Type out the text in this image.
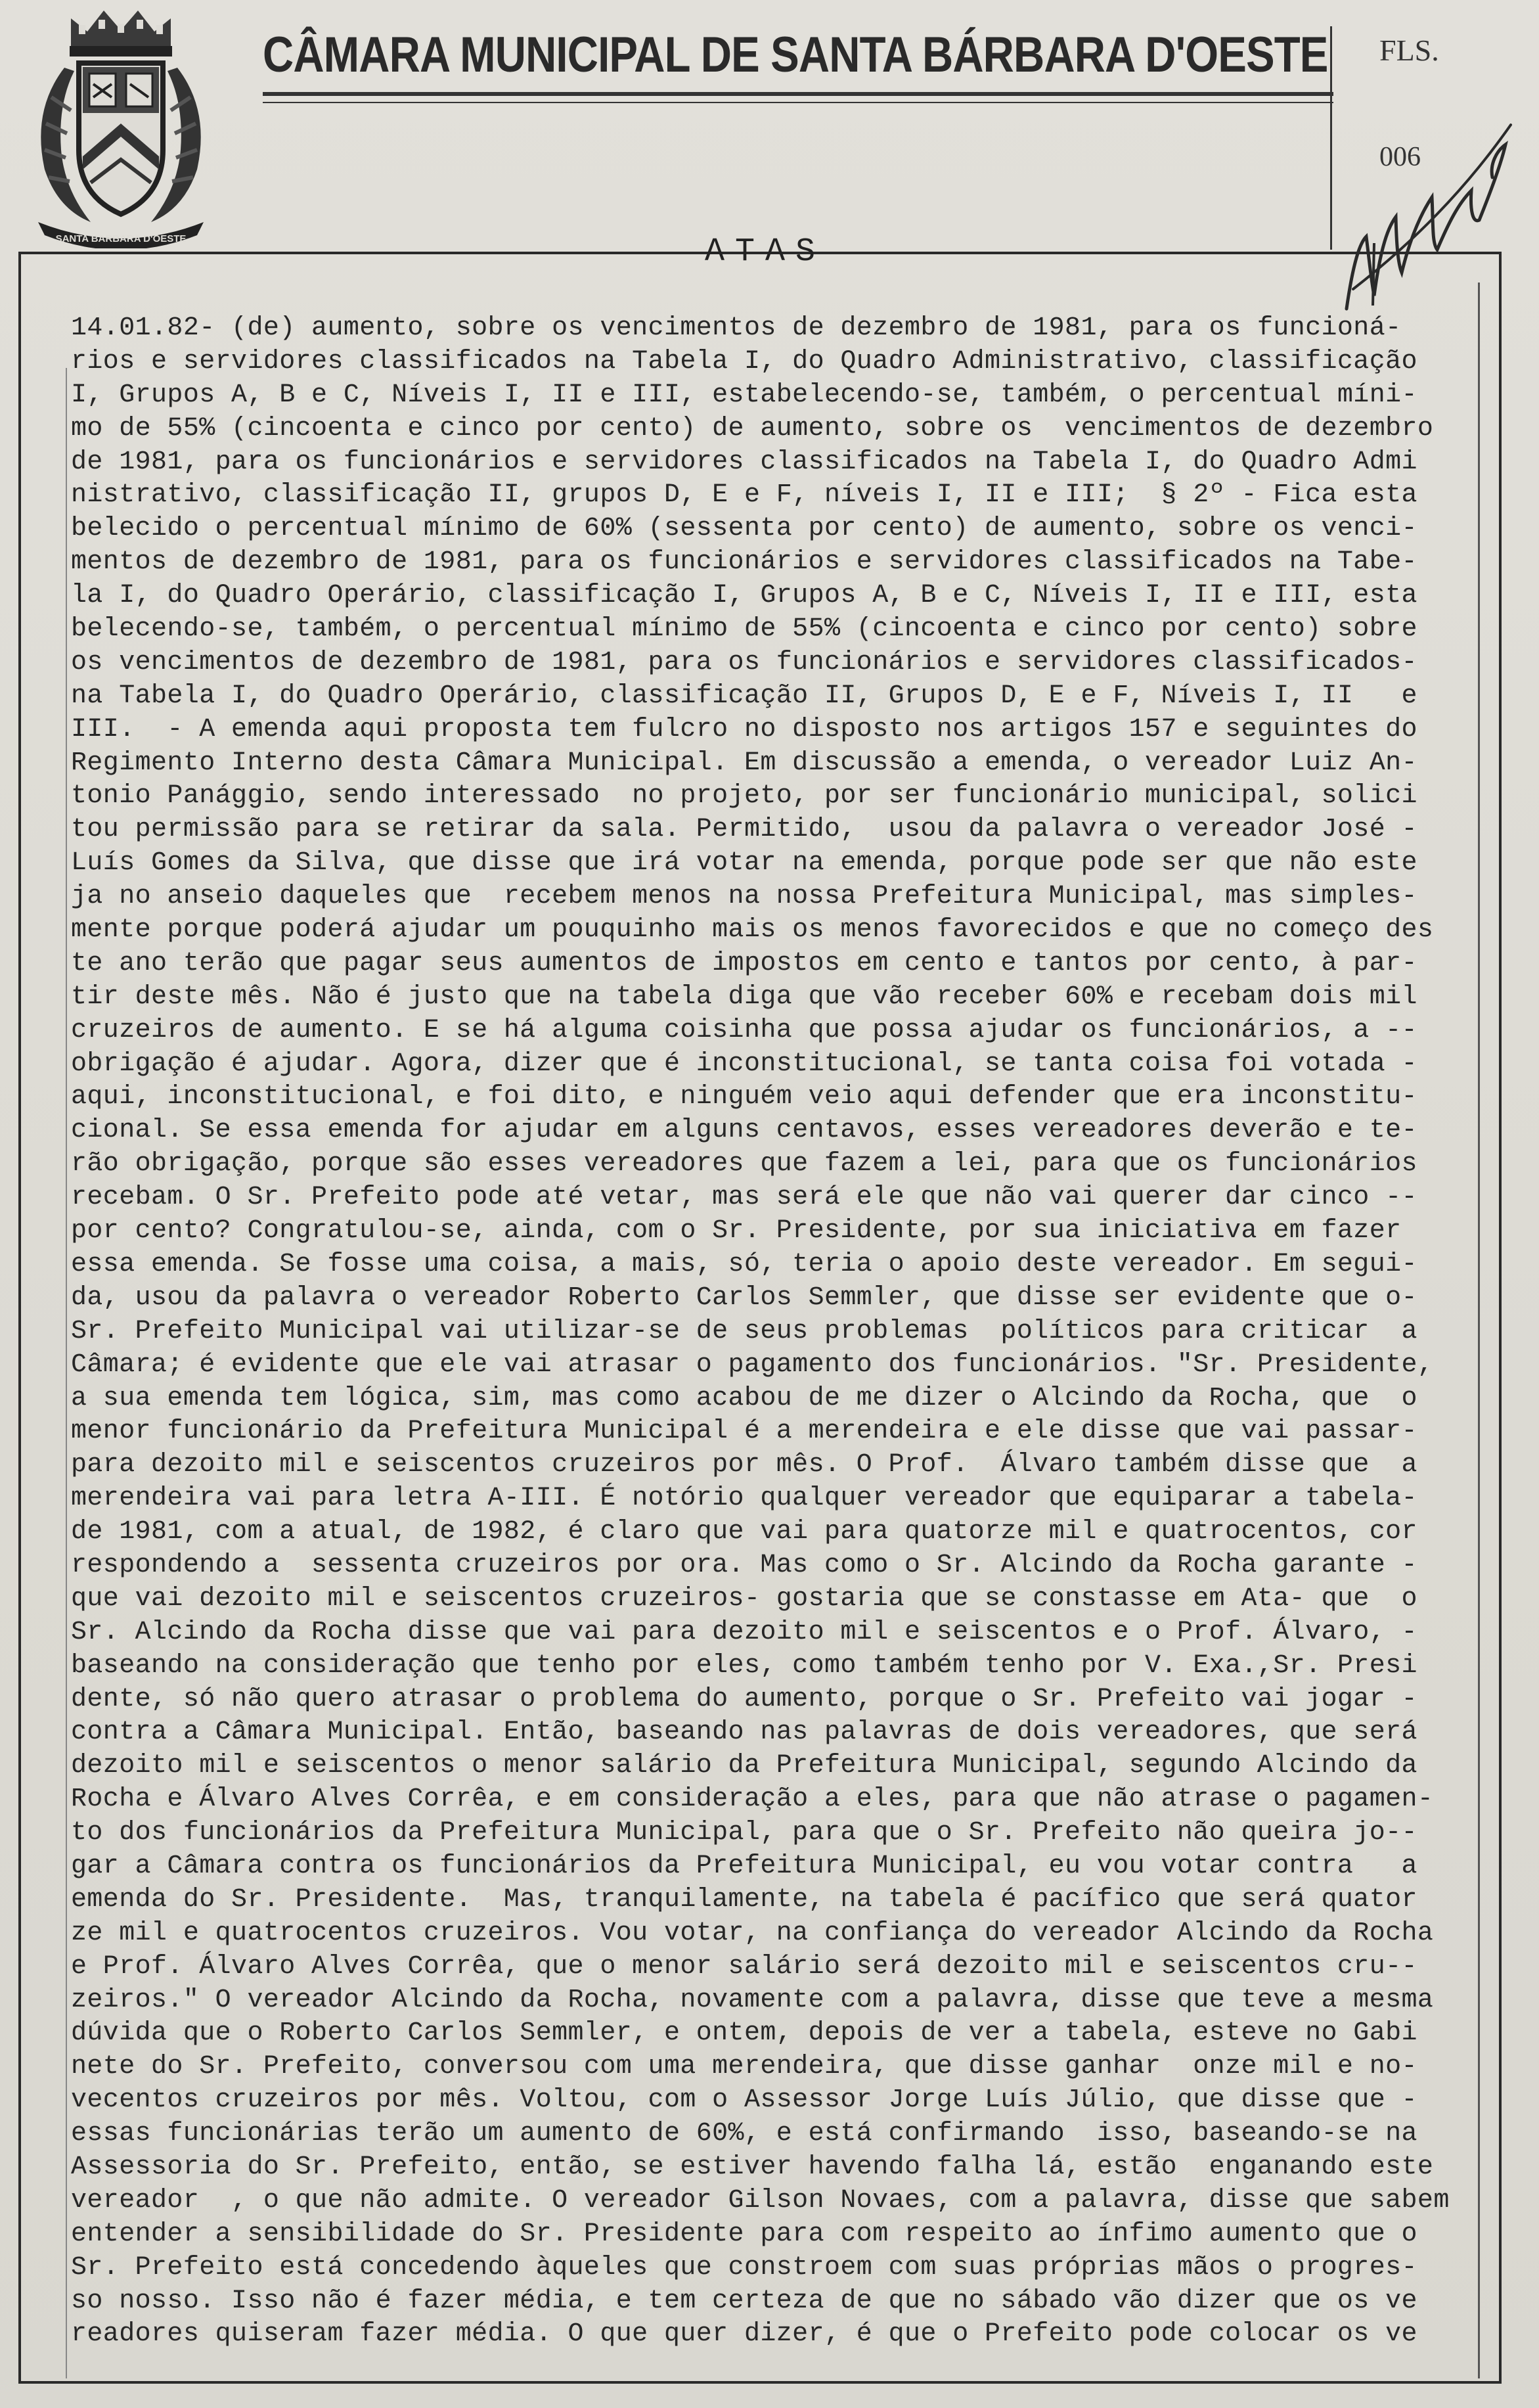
SANTA BARBARA D'OESTE
CÂMARA MUNICIPAL DE SANTA BÁRBARA D'OESTE FLS.
006
ATAS
14.01.82- (de) aumento, sobre os vencimentos de dezembro de 1981, para os funcioná-
rios e servidores classificados na Tabela I, do Quadro Administrativo, classificação
I, Grupos A, B e C, Níveis I, II e III, estabelecendo-se, também, o percentual míni-
mo de 55% (cincoenta e cinco por cento) de aumento, sobre os  vencimentos de dezembro
de 1981, para os funcionários e servidores classificados na Tabela I, do Quadro Admi
nistrativo, classificação II, grupos D, E e F, níveis I, II e III;  § 2º - Fica esta
belecido o percentual mínimo de 60% (sessenta por cento) de aumento, sobre os venci-
mentos de dezembro de 1981, para os funcionários e servidores classificados na Tabe-
la I, do Quadro Operário, classificação I, Grupos A, B e C, Níveis I, II e III, esta
belecendo-se, também, o percentual mínimo de 55% (cincoenta e cinco por cento) sobre
os vencimentos de dezembro de 1981, para os funcionários e servidores classificados-
na Tabela I, do Quadro Operário, classificação II, Grupos D, E e F, Níveis I, II   e
III.  - A emenda aqui proposta tem fulcro no disposto nos artigos 157 e seguintes do
Regimento Interno desta Câmara Municipal. Em discussão a emenda, o vereador Luiz An-
tonio Panággio, sendo interessado  no projeto, por ser funcionário municipal, solici
tou permissão para se retirar da sala. Permitido,  usou da palavra o vereador José -
Luís Gomes da Silva, que disse que irá votar na emenda, porque pode ser que não este
ja no anseio daqueles que  recebem menos na nossa Prefeitura Municipal, mas simples-
mente porque poderá ajudar um pouquinho mais os menos favorecidos e que no começo des
te ano terão que pagar seus aumentos de impostos em cento e tantos por cento, à par-
tir deste mês. Não é justo que na tabela diga que vão receber 60% e recebam dois mil
cruzeiros de aumento. E se há alguma coisinha que possa ajudar os funcionários, a --
obrigação é ajudar. Agora, dizer que é inconstitucional, se tanta coisa foi votada -
aqui, inconstitucional, e foi dito, e ninguém veio aqui defender que era inconstitu-
cional. Se essa emenda for ajudar em alguns centavos, esses vereadores deverão e te-
rão obrigação, porque são esses vereadores que fazem a lei, para que os funcionários
recebam. O Sr. Prefeito pode até vetar, mas será ele que não vai querer dar cinco --
por cento? Congratulou-se, ainda, com o Sr. Presidente, por sua iniciativa em fazer
essa emenda. Se fosse uma coisa, a mais, só, teria o apoio deste vereador. Em segui-
da, usou da palavra o vereador Roberto Carlos Semmler, que disse ser evidente que o-
Sr. Prefeito Municipal vai utilizar-se de seus problemas  políticos para criticar  a
Câmara; é evidente que ele vai atrasar o pagamento dos funcionários. "Sr. Presidente,
a sua emenda tem lógica, sim, mas como acabou de me dizer o Alcindo da Rocha, que  o
menor funcionário da Prefeitura Municipal é a merendeira e ele disse que vai passar-
para dezoito mil e seiscentos cruzeiros por mês. O Prof.  Álvaro também disse que  a
merendeira vai para letra A-III. É notório qualquer vereador que equiparar a tabela-
de 1981, com a atual, de 1982, é claro que vai para quatorze mil e quatrocentos, cor
respondendo a  sessenta cruzeiros por ora. Mas como o Sr. Alcindo da Rocha garante -
que vai dezoito mil e seiscentos cruzeiros- gostaria que se constasse em Ata- que  o
Sr. Alcindo da Rocha disse que vai para dezoito mil e seiscentos e o Prof. Álvaro, -
baseando na consideração que tenho por eles, como também tenho por V. Exa.,Sr. Presi
dente, só não quero atrasar o problema do aumento, porque o Sr. Prefeito vai jogar -
contra a Câmara Municipal. Então, baseando nas palavras de dois vereadores, que será
dezoito mil e seiscentos o menor salário da Prefeitura Municipal, segundo Alcindo da
Rocha e Álvaro Alves Corrêa, e em consideração a eles, para que não atrase o pagamen-
to dos funcionários da Prefeitura Municipal, para que o Sr. Prefeito não queira jo--
gar a Câmara contra os funcionários da Prefeitura Municipal, eu vou votar contra   a
emenda do Sr. Presidente.  Mas, tranquilamente, na tabela é pacífico que será quator
ze mil e quatrocentos cruzeiros. Vou votar, na confiança do vereador Alcindo da Rocha
e Prof. Álvaro Alves Corrêa, que o menor salário será dezoito mil e seiscentos cru--
zeiros." O vereador Alcindo da Rocha, novamente com a palavra, disse que teve a mesma
dúvida que o Roberto Carlos Semmler, e ontem, depois de ver a tabela, esteve no Gabi
nete do Sr. Prefeito, conversou com uma merendeira, que disse ganhar  onze mil e no-
vecentos cruzeiros por mês. Voltou, com o Assessor Jorge Luís Júlio, que disse que -
essas funcionárias terão um aumento de 60%, e está confirmando  isso, baseando-se na
Assessoria do Sr. Prefeito, então, se estiver havendo falha lá, estão  enganando este
vereador  , o que não admite. O vereador Gilson Novaes, com a palavra, disse que sabem
entender a sensibilidade do Sr. Presidente para com respeito ao ínfimo aumento que o
Sr. Prefeito está concedendo àqueles que constroem com suas próprias mãos o progres-
so nosso. Isso não é fazer média, e tem certeza de que no sábado vão dizer que os ve
readores quiseram fazer média. O que quer dizer, é que o Prefeito pode colocar os ve
